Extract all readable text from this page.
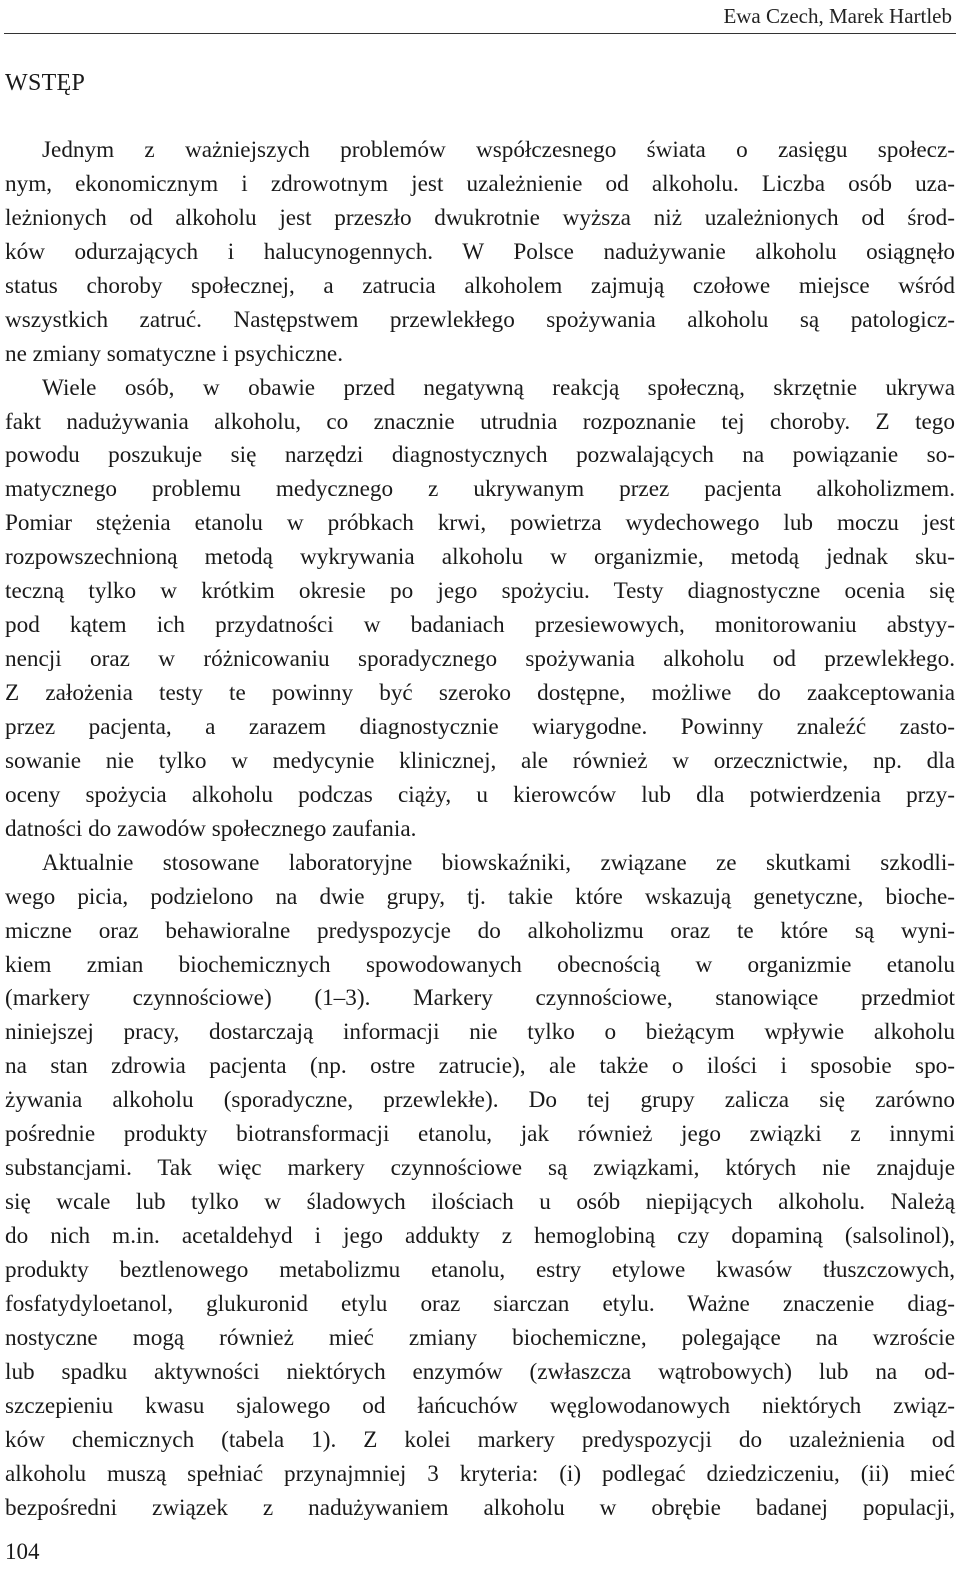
Ewa Czech, Marek Hartleb
WSTĘP
Jednym z ważniejszych problemów współczesnego świata o zasięgu społecz-
nym, ekonomicznym i zdrowotnym jest uzależnienie od alkoholu. Liczba osób uza-
leżnionych od alkoholu jest przeszło dwukrotnie wyższa niż uzależnionych od środ-
ków odurzających i halucynogennych. W Polsce nadużywanie alkoholu osiągnęło
status choroby społecznej, a zatrucia alkoholem zajmują czołowe miejsce wśród
wszystkich zatruć. Następstwem przewlekłego spożywania alkoholu są patologicz-
ne zmiany somatyczne i psychiczne.
Wiele osób, w obawie przed negatywną reakcją społeczną, skrzętnie ukrywa
fakt nadużywania alkoholu, co znacznie utrudnia rozpoznanie tej choroby. Z tego
powodu poszukuje się narzędzi diagnostycznych pozwalających na powiązanie so-
matycznego problemu medycznego z ukrywanym przez pacjenta alkoholizmem.
Pomiar stężenia etanolu w próbkach krwi, powietrza wydechowego lub moczu jest
rozpowszechnioną metodą wykrywania alkoholu w organizmie, metodą jednak sku-
teczną tylko w krótkim okresie po jego spożyciu. Testy diagnostyczne ocenia się
pod kątem ich przydatności w badaniach przesiewowych, monitorowaniu abstyy-
nencji oraz w różnicowaniu sporadycznego spożywania alkoholu od przewlekłego.
Z założenia testy te powinny być szeroko dostępne, możliwe do zaakceptowania
przez pacjenta, a zarazem diagnostycznie wiarygodne. Powinny znaleźć zasto-
sowanie nie tylko w medycynie klinicznej, ale również w orzecznictwie, np. dla
oceny spożycia alkoholu podczas ciąży, u kierowców lub dla potwierdzenia przy-
datności do zawodów społecznego zaufania.
Aktualnie stosowane laboratoryjne biowskaźniki, związane ze skutkami szkodli-
wego picia, podzielono na dwie grupy, tj. takie które wskazują genetyczne, bioche-
miczne oraz behawioralne predyspozycje do alkoholizmu oraz te które są wyni-
kiem zmian biochemicznych spowodowanych obecnością w organizmie etanolu
(markery czynnościowe) (1–3). Markery czynnościowe, stanowiące przedmiot
niniejszej pracy, dostarczają informacji nie tylko o bieżącym wpływie alkoholu
na stan zdrowia pacjenta (np. ostre zatrucie), ale także o ilości i sposobie spo-
żywania alkoholu (sporadyczne, przewlekłe). Do tej grupy zalicza się zarówno
pośrednie produkty biotransformacji etanolu, jak również jego związki z innymi
substancjami. Tak więc markery czynnościowe są związkami, których nie znajduje
się wcale lub tylko w śladowych ilościach u osób niepijących alkoholu. Należą
do nich m.in. acetaldehyd i jego addukty z hemoglobiną czy dopaminą (salsolinol),
produkty beztlenowego metabolizmu etanolu, estry etylowe kwasów tłuszczowych,
fosfatydyloetanol, glukuronid etylu oraz siarczan etylu. Ważne znaczenie diag-
nostyczne mogą również mieć zmiany biochemiczne, polegające na wzroście
lub spadku aktywności niektórych enzymów (zwłaszcza wątrobowych) lub na od-
szczepieniu kwasu sjalowego od łańcuchów węglowodanowych niektórych związ-
ków chemicznych (tabela 1). Z kolei markery predyspozycji do uzależnienia od
alkoholu muszą spełniać przynajmniej 3 kryteria: (i) podlegać dziedziczeniu, (ii) mieć
bezpośredni związek z nadużywaniem alkoholu w obrębie badanej populacji,
104
